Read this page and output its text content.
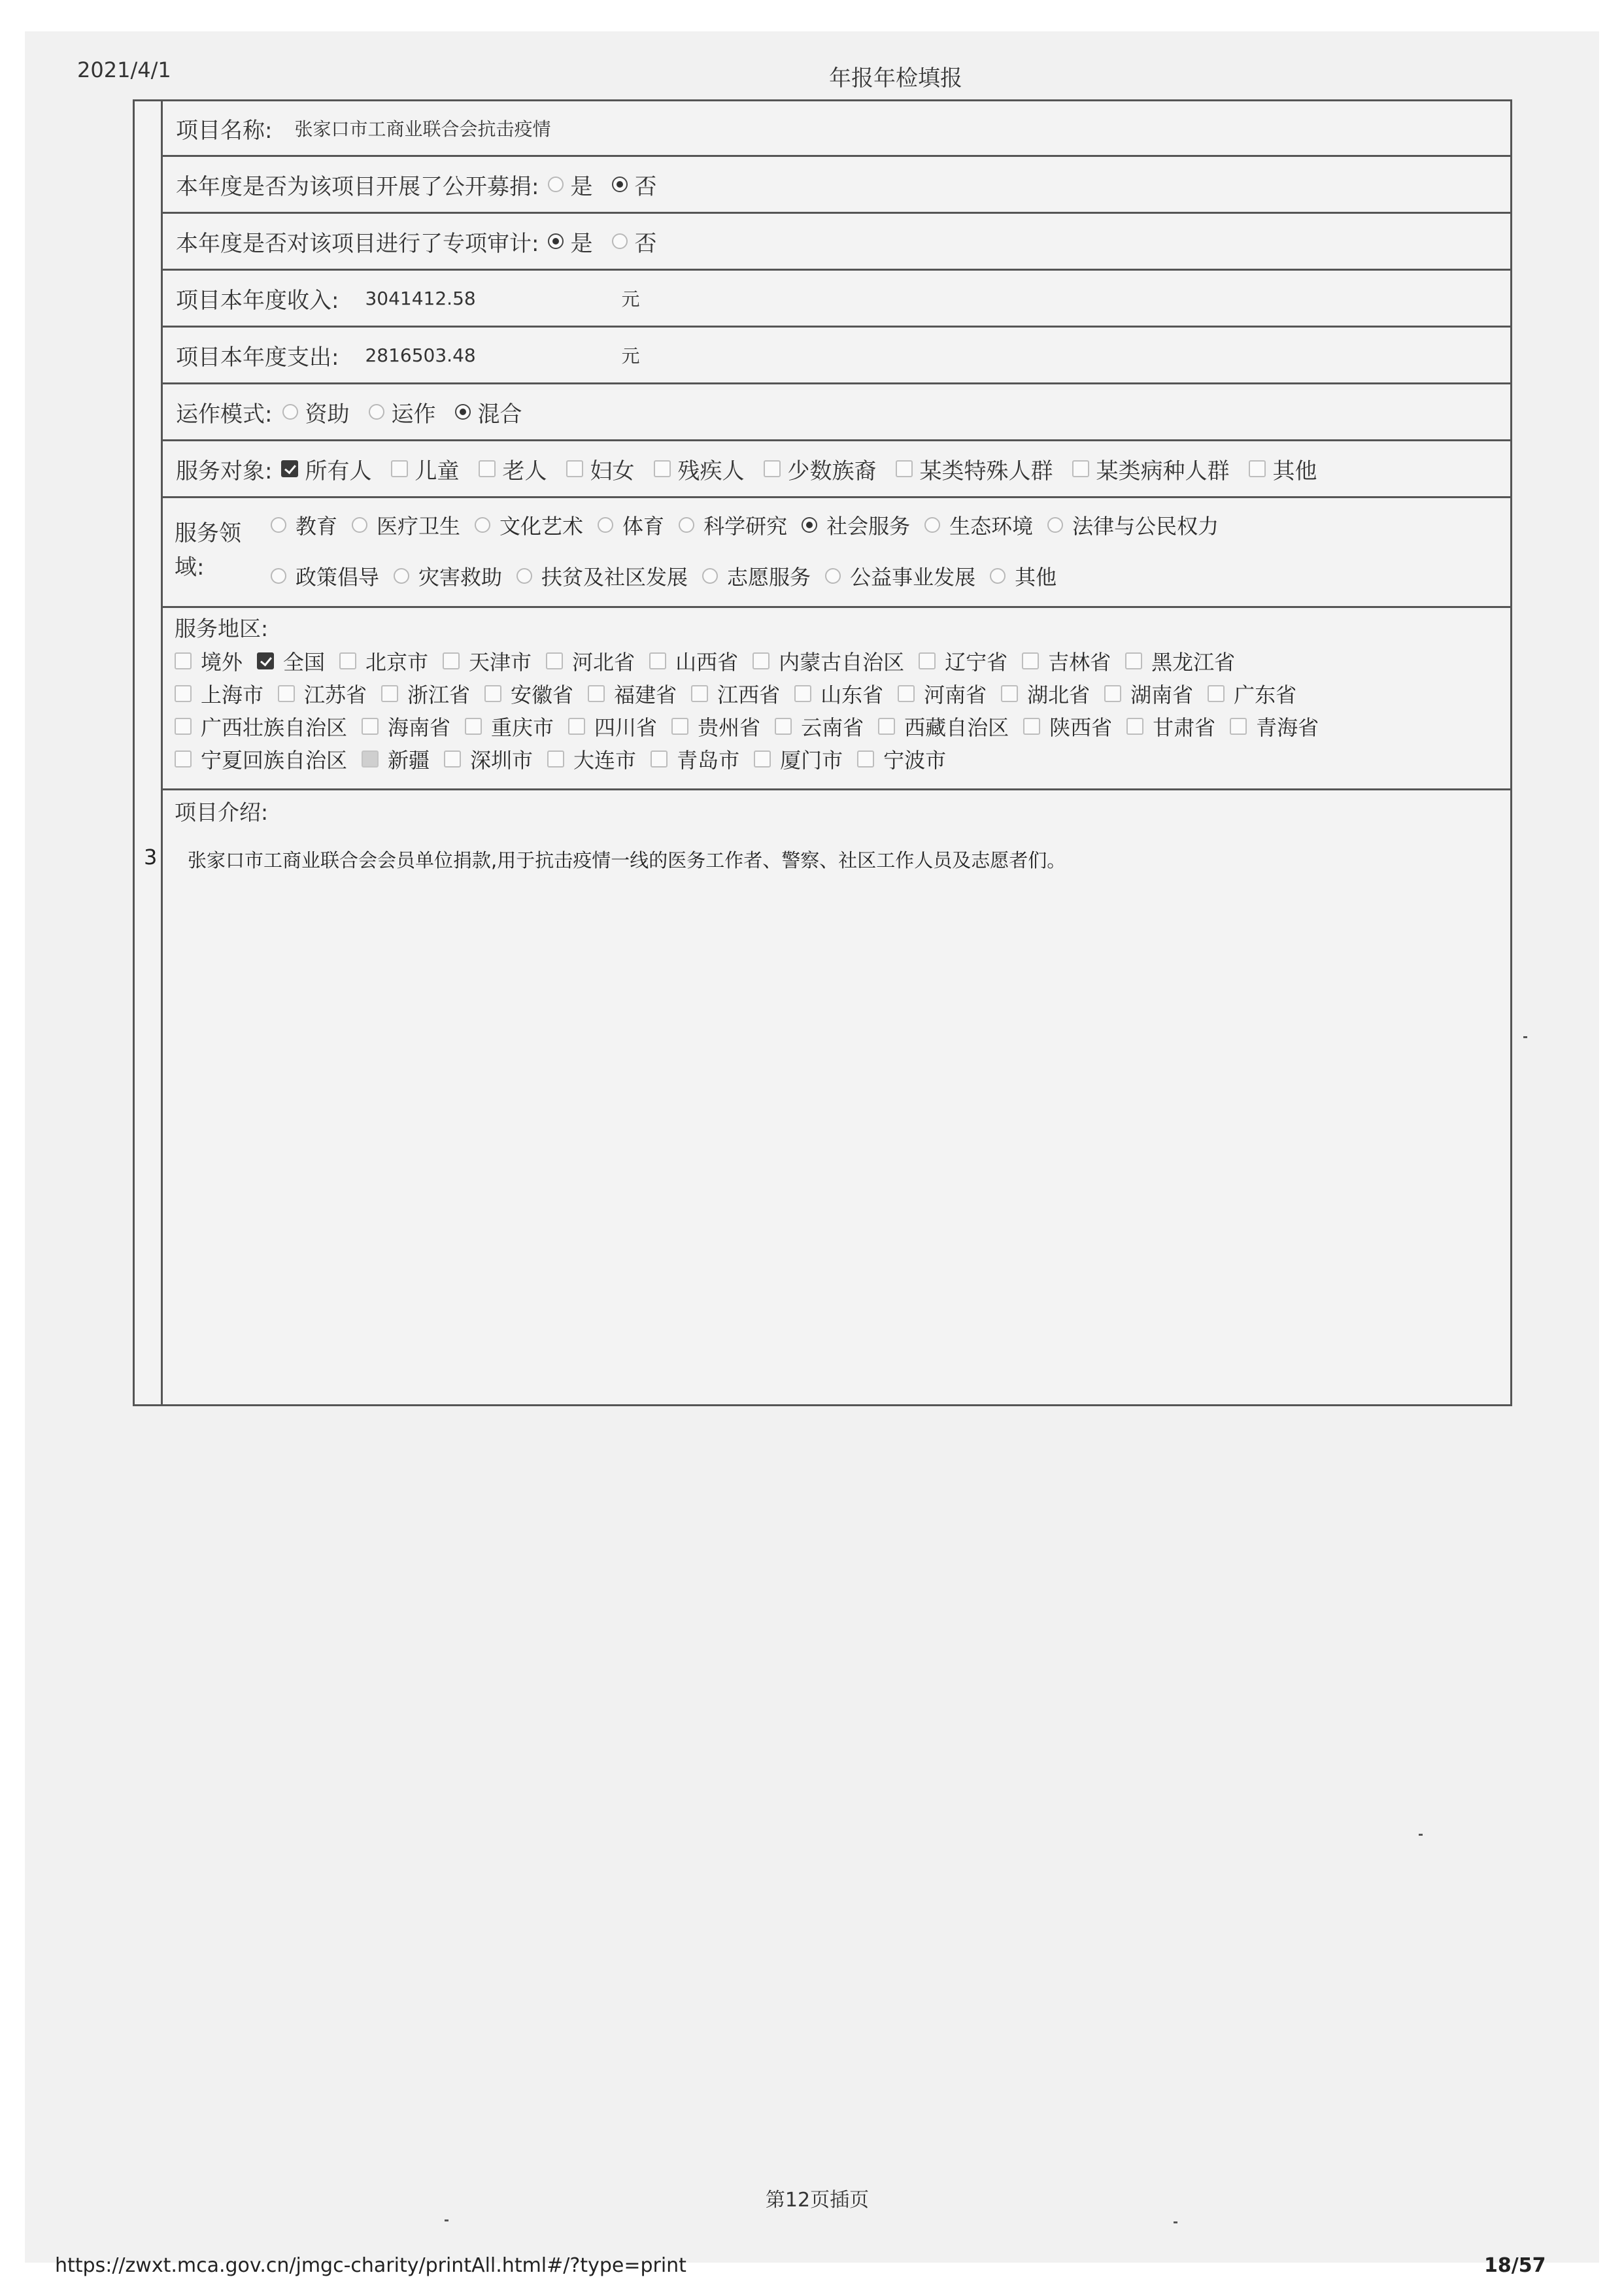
2021/4/1	年报年检填报
3
项目名称: 张家口市工商业联合会抗击疫情
本年度是否为该项目开展了公开募捐: 是 否
本年度是否对该项目进行了专项审计: 是 否
项目本年度收入: 3041412.58	元
项目本年度支出: 2816503.48	元
运作模式: 资助 运作 混合
服务对象: 所有人 儿童 老人 妇女 残疾人 少数族裔 某类特殊人群 某类病种人群 其他
服务领
域:
教育 医疗卫生 文化艺术 体育 科学研究 社会服务 生态环境 法律与公民权力
政策倡导 灾害救助 扶贫及社区发展 志愿服务 公益事业发展 其他
服务地区:
境外 全国 北京市 天津市 河北省 山西省 内蒙古自治区 辽宁省 吉林省 黑龙江省
上海市 江苏省 浙江省 安徽省 福建省 江西省 山东省 河南省 湖北省 湖南省 广东省
广西壮族自治区 海南省 重庆市 四川省 贵州省 云南省 西藏自治区 陕西省 甘肃省 青海省
宁夏回族自治区 新疆 深圳市 大连市 青岛市 厦门市 宁波市
项目介绍:
张家口市工商业联合会会员单位捐款,用于抗击疫情一线的医务工作者、警察、社区工作人员及志愿者们。
第12页插页
https://zwxt.mca.gov.cn/jmgc-charity/printAll.html#/?type=print	18/57
